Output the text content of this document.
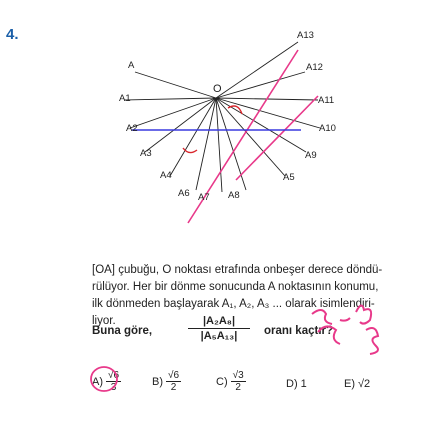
4.
O
A13
A	A12
A1	A11
A2	A10
A3	A9
A4	A5
A6 A7 A8
[OA] çubuğu, O noktası etrafında onbeşer derece döndü-
rülüyor. Her bir dönme sonucunda A noktasının konumu,
ilk dönmeden başlayarak A₁, A₂, A₃ ... olarak isimlendiri-
liyor.
Buna göre,
|A₂A₈|
|A₅A₁₃|	oranı kaçtır?
$A) \frac{√6}{3}$	$B) \frac{√6}{2}$	$C) \frac{√3}{2}$	D) 1	E) √2
